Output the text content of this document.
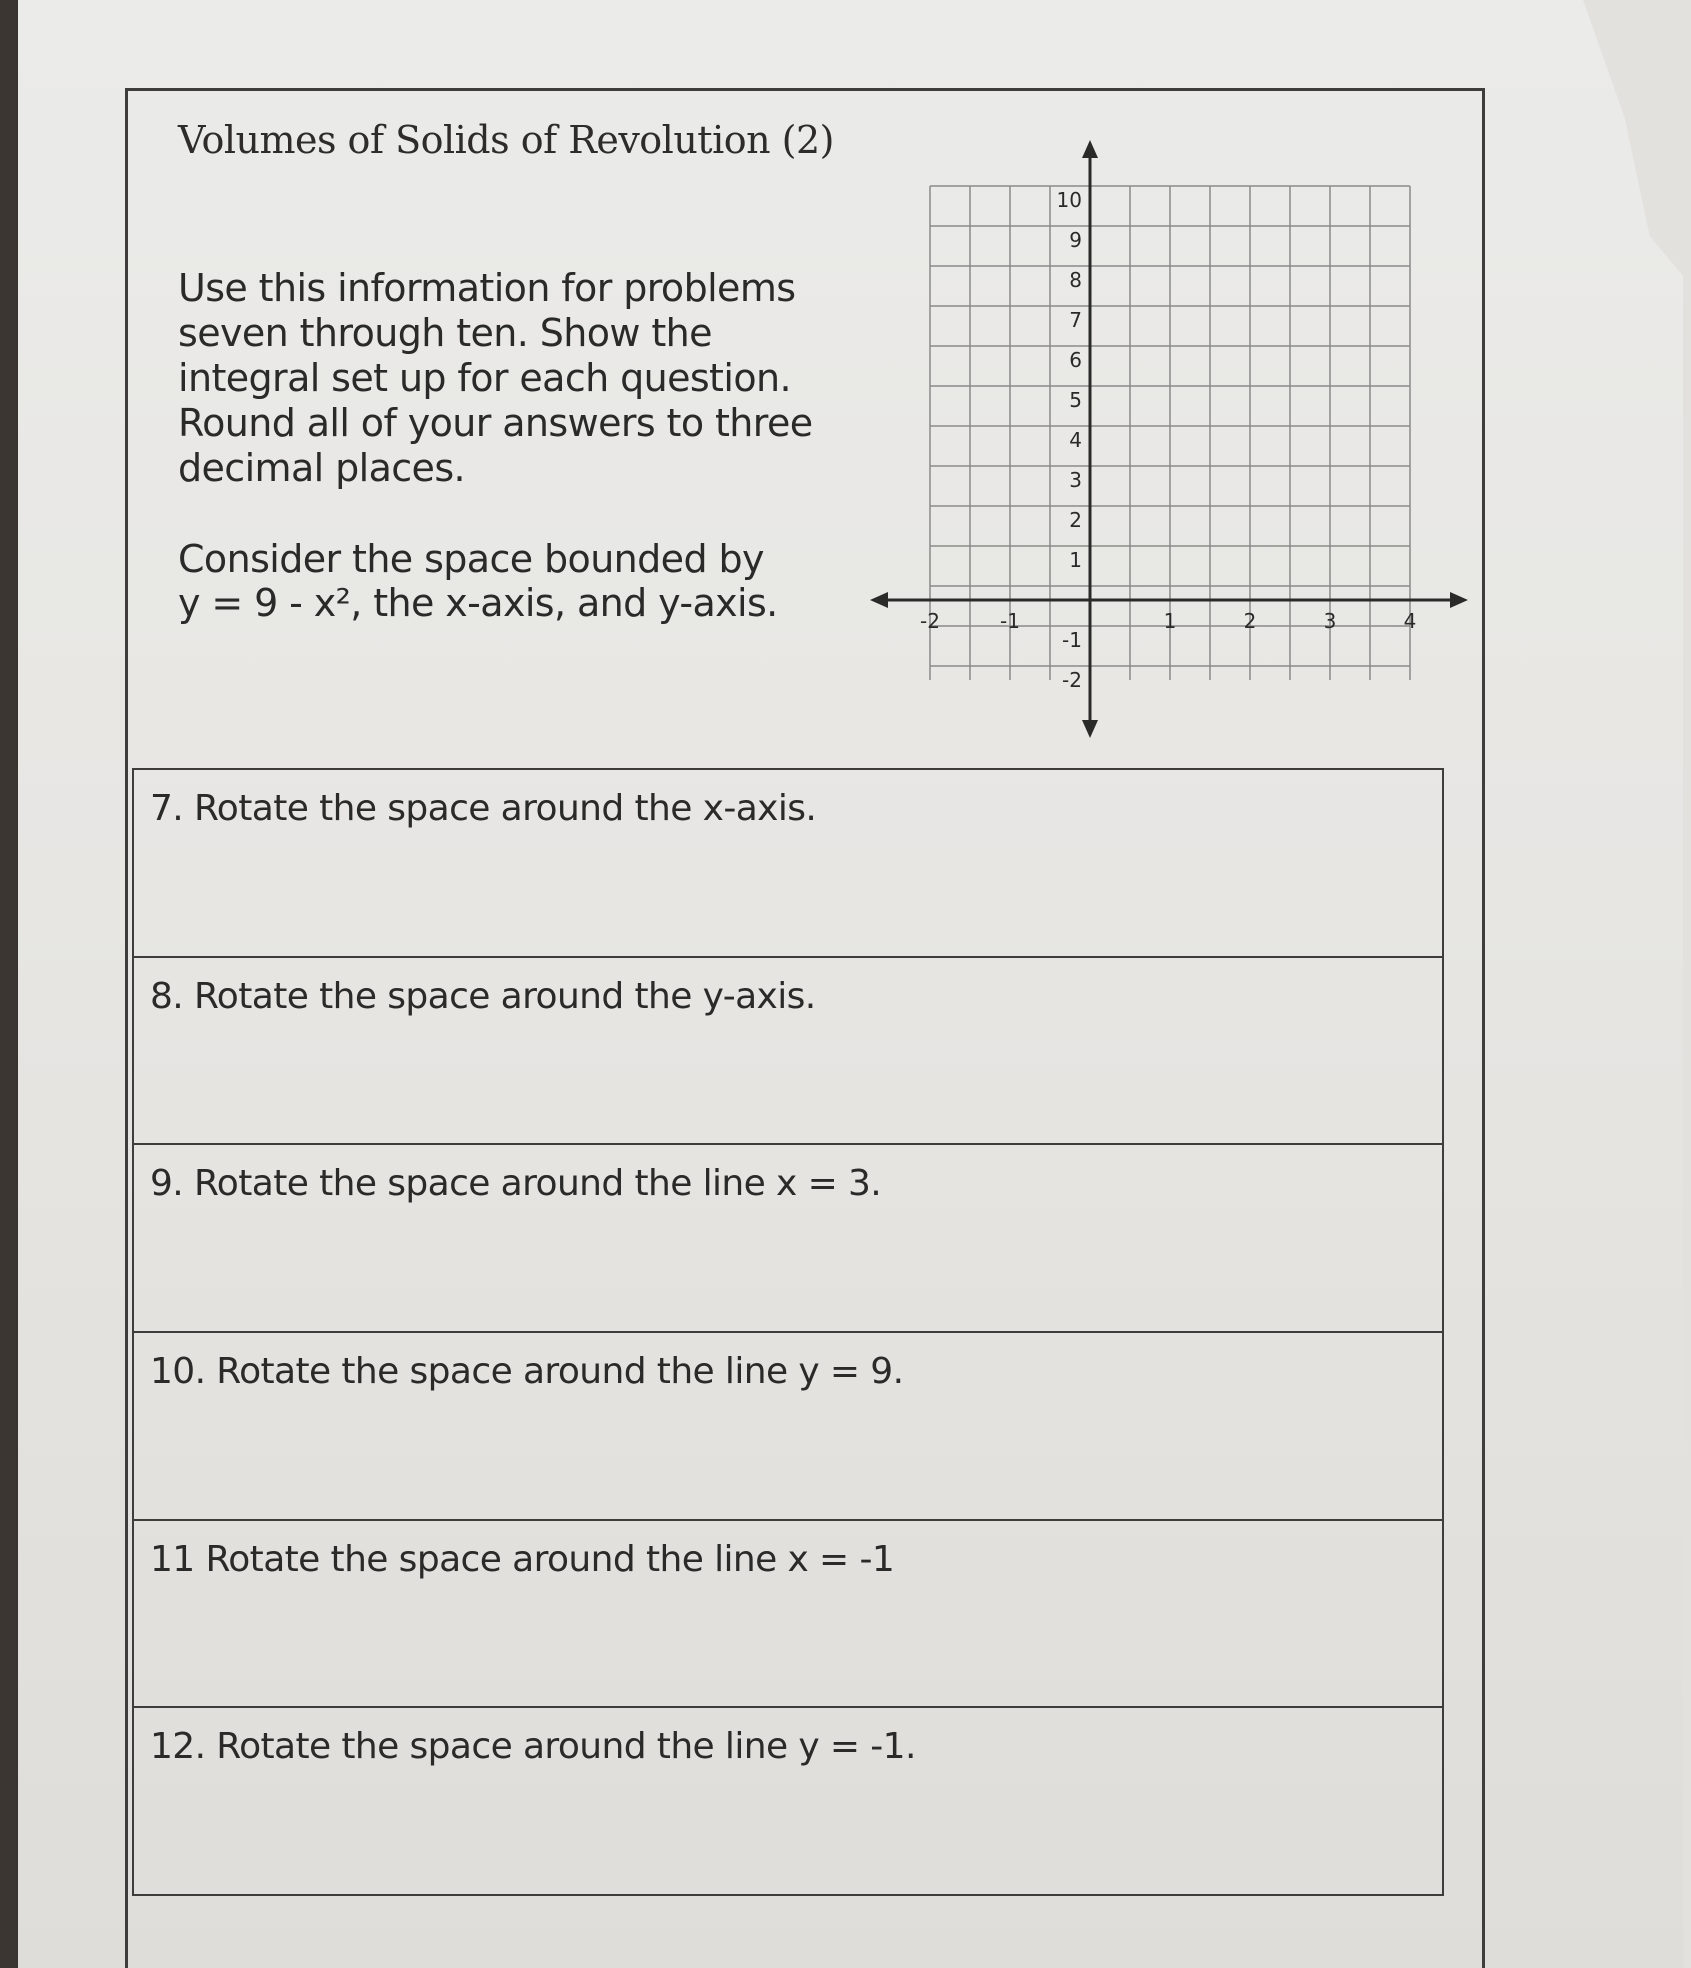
Volumes of Solids of Revolution (2)

Use this information for problems

seven through ten. Show the

integral set up for each question.

Round all of your answers to three

decimal places.

Consider the space bounded by

y = 9 - x², the x-axis, and y-axis.	-2	-1	1	2	3	4
10
9
8
7
6
5
4
3
2
1
-1
-2
7. Rotate the space around the x-axis.
8. Rotate the space around the y-axis.
9. Rotate the space around the line x = 3.
10. Rotate the space around the line y = 9.
11 Rotate the space around the line x = -1
12. Rotate the space around the line y = -1.
